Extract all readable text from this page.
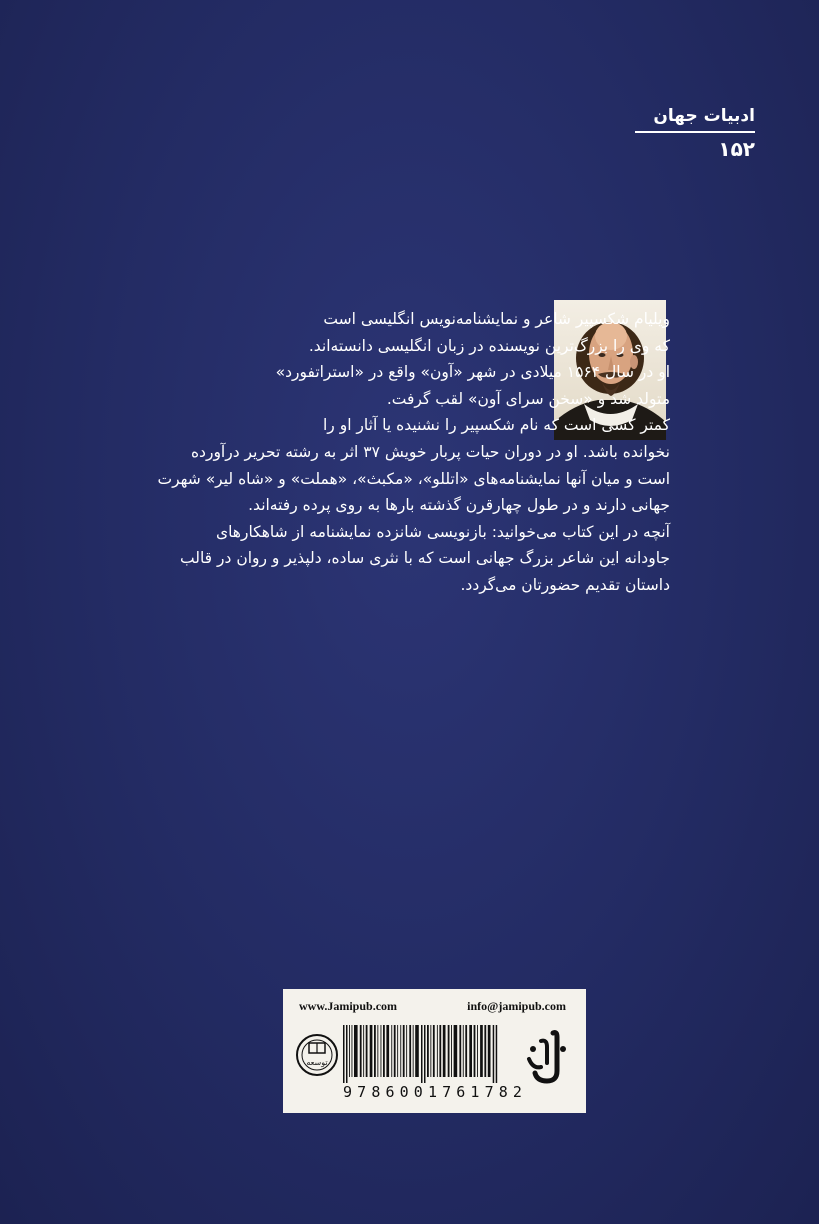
ادبیات جهان
۱۵۲
ویلیام شکسپیر شاعر و نمایشنامه‌نویس انگلیسی است
که وی را بزرگ‌ترین نویسنده در زبان انگلیسی دانسته‌اند.
او در سال ۱۵۶۴ میلادی در شهر «آون» واقع در «استراتفورد»
متولد شد و «سخن سرای آون» لقب گرفت.
کمتر کسی است که نام شکسپیر را نشنیده یا آثار او را
نخوانده باشد. او در دوران حیات پربار خویش ۳۷ اثر به رشته تحریر درآورده
است و میان آنها نمایشنامه‌های «اتللو»، «مکبث»، «هملت» و «شاه لیر» شهرت
جهانی دارند و در طول چهارقرن گذشته بارها به روی پرده رفته‌اند.
آنچه در این کتاب می‌خوانید: بازنویسی شانزده نمایشنامه از شاهکارهای
جاودانه این شاعر بزرگ جهانی است که با نثری ساده، دلپذیر و روان در قالب
داستان تقدیم حضورتان می‌گردد.
www.Jamipub.com	info@jamipub.com
توسعه
9 7 8 6 0 0 1 7 6 1 7 8 2
